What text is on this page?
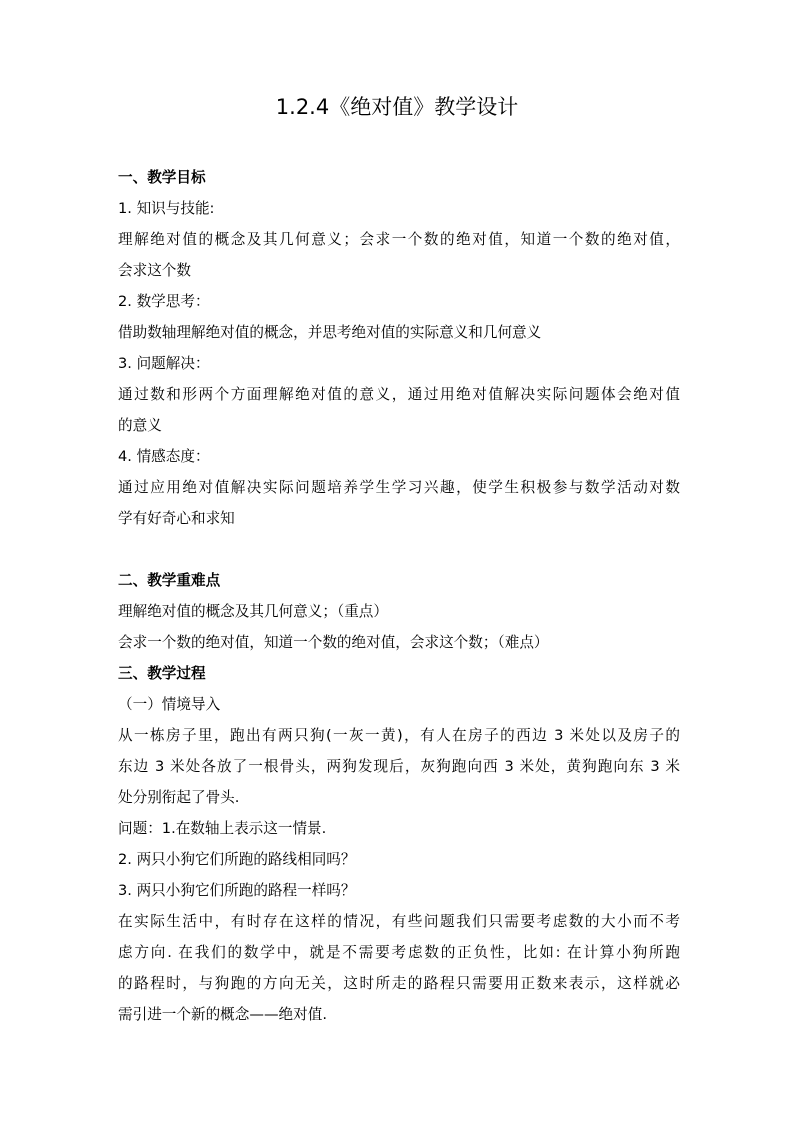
1.2.4《绝对值》教学设计
一、教学目标
1. 知识与技能:
理解绝对值的概念及其几何意义；会求一个数的绝对值，知道一个数的绝对值，
会求这个数
2. 数学思考：
借助数轴理解绝对值的概念，并思考绝对值的实际意义和几何意义
3. 问题解决：
通过数和形两个方面理解绝对值的意义，通过用绝对值解决实际问题体会绝对值
的意义
4. 情感态度：
通过应用绝对值解决实际问题培养学生学习兴趣，使学生积极参与数学活动对数
学有好奇心和求知
二、教学重难点
理解绝对值的概念及其几何意义；（重点）
会求一个数的绝对值，知道一个数的绝对值，会求这个数；（难点）
三、教学过程
（一）情境导入
从一栋房子里，跑出有两只狗(一灰一黄)，有人在房子的西边 3 米处以及房子的
东边 3 米处各放了一根骨头，两狗发现后，灰狗跑向西 3 米处，黄狗跑向东 3 米
处分别衔起了骨头.
问题：1.在数轴上表示这一情景.
2. 两只小狗它们所跑的路线相同吗？
3. 两只小狗它们所跑的路程一样吗？
在实际生活中，有时存在这样的情况，有些问题我们只需要考虑数的大小而不考
虑方向. 在我们的数学中，就是不需要考虑数的正负性，比如: 在计算小狗所跑
的路程时，与狗跑的方向无关，这时所走的路程只需要用正数来表示，这样就必
需引进一个新的概念——绝对值.
